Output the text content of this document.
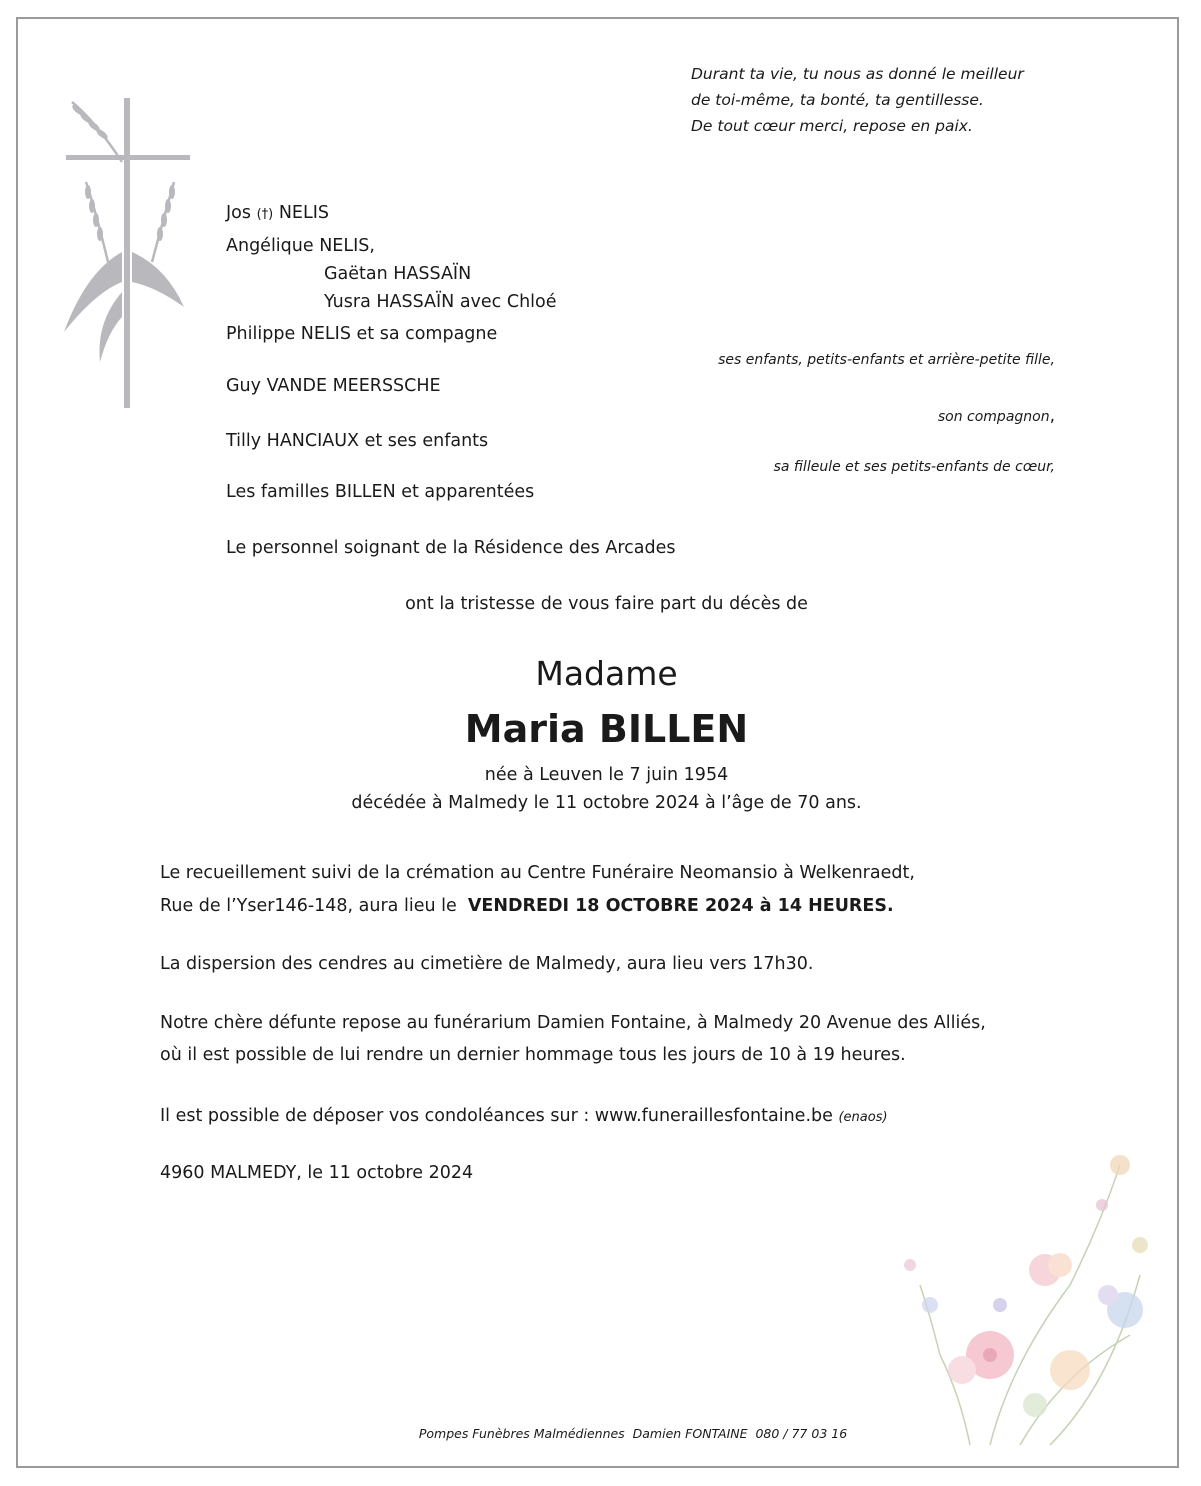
Durant ta vie, tu nous as donné le meilleur
de toi-même, ta bonté, ta gentillesse.
De tout cœur merci, repose en paix.
Jos (†) NELIS
Angélique NELIS,
Gaëtan HASSAÏN
Yusra HASSAÏN avec Chloé
Philippe NELIS et sa compagne
ses enfants, petits-enfants et arrière-petite fille,
Guy VANDE MEERSSCHE
son compagnon,
Tilly HANCIAUX et ses enfants
sa filleule et ses petits-enfants de cœur,
Les familles BILLEN et apparentées
Le personnel soignant de la Résidence des Arcades
ont la tristesse de vous faire part du décès de
Madame
Maria BILLEN
née à Leuven le 7 juin 1954
décédée à Malmedy le 11 octobre 2024 à l’âge de 70 ans.
Le recueillement suivi de la crémation au Centre Funéraire Neomansio à Welkenraedt,
Rue de l’Yser146-148, aura lieu le  VENDREDI 18 OCTOBRE 2024 à 14 HEURES.
La dispersion des cendres au cimetière de Malmedy, aura lieu vers 17h30.
Notre chère défunte repose au funérarium Damien Fontaine, à Malmedy 20 Avenue des Alliés,
où il est possible de lui rendre un dernier hommage tous les jours de 10 à 19 heures.
Il est possible de déposer vos condoléances sur : www.funeraillesfontaine.be (enaos)
4960 MALMEDY, le 11 octobre 2024
Pompes Funèbres Malmédiennes  Damien FONTAINE  080 / 77 03 16
